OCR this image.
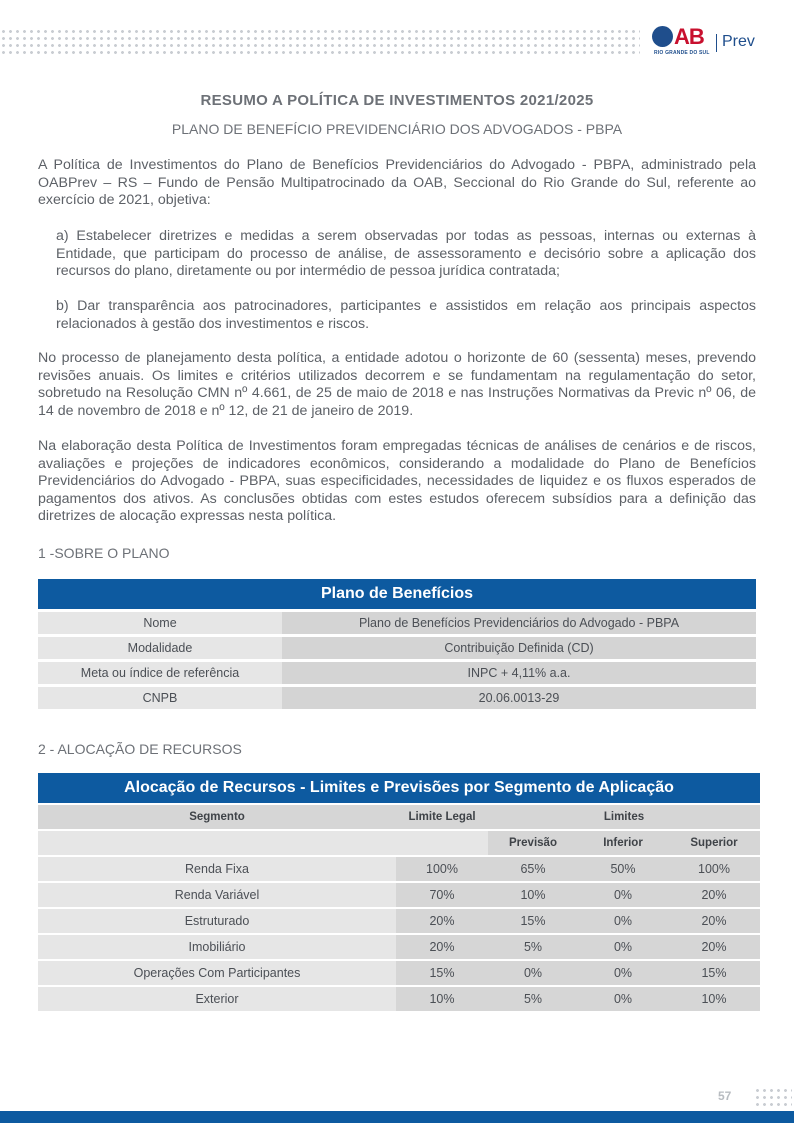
AB Prev
RIO GRANDE DO SUL
RESUMO A POLÍTICA DE INVESTIMENTOS 2021/2025
PLANO DE BENEFÍCIO PREVIDENCIÁRIO DOS ADVOGADOS - PBPA

A Política de Investimentos do Plano de Benefícios Previdenciários do Advogado - PBPA, administrado pela OABPrev – RS – Fundo de Pensão Multipatrocinado da OAB, Seccional do Rio Grande do Sul, referente ao exercício de 2021, objetiva:

a) Estabelecer diretrizes e medidas a serem observadas por todas as pessoas, internas ou externas à Entidade, que participam do processo de análise, de assessoramento e decisório sobre a aplicação dos recursos do plano, diretamente ou por intermédio de pessoa jurídica contratada;

b) Dar transparência aos patrocinadores, participantes e assistidos em relação aos principais aspectos relacionados à gestão dos investimentos e riscos.

No processo de planejamento desta política, a entidade adotou o horizonte de 60 (sessenta) meses, prevendo revisões anuais. Os limites e critérios utilizados decorrem e se fundamentam na regulamentação do setor, sobretudo na Resolução CMN nº 4.661, de 25 de maio de 2018 e nas Instruções Normativas da Previc nº 06, de 14 de novembro de 2018 e nº 12, de 21 de janeiro de 2019.

Na elaboração desta Política de Investimentos foram empregadas técnicas de análises de cenários e de riscos, avaliações e projeções de indicadores econômicos, considerando a modalidade do Plano de Benefícios Previdenciários do Advogado - PBPA, suas especificidades, necessidades de liquidez e os fluxos esperados de pagamentos dos ativos. As conclusões obtidas com estes estudos oferecem subsídios para a definição das diretrizes de alocação expressas nesta política.

1 -SOBRE O PLANO
Plano de Benefícios	
Nome	Plano de Benefícios Previdenciários do Advogado - PBPA
Modalidade	Contribuição Definida (CD)
Meta ou índice de referência	INPC + 4,11% a.a.
CNPB	20.06.0013-29
2 - ALOCAÇÃO DE RECURSOS
Alocação de Recursos - Limites e Previsões por Segmento de Aplicação				
Segmento	Limite Legal	Limites		
		Previsão	Inferior	Superior
Renda Fixa	100%	65%	50%	100%
Renda Variável	70%	10%	0%	20%
Estruturado	20%	15%	0%	20%
Imobiliário	20%	5%	0%	20%
Operações Com Participantes	15%	0%	0%	15%
Exterior	10%	5%	0%	10%
57
